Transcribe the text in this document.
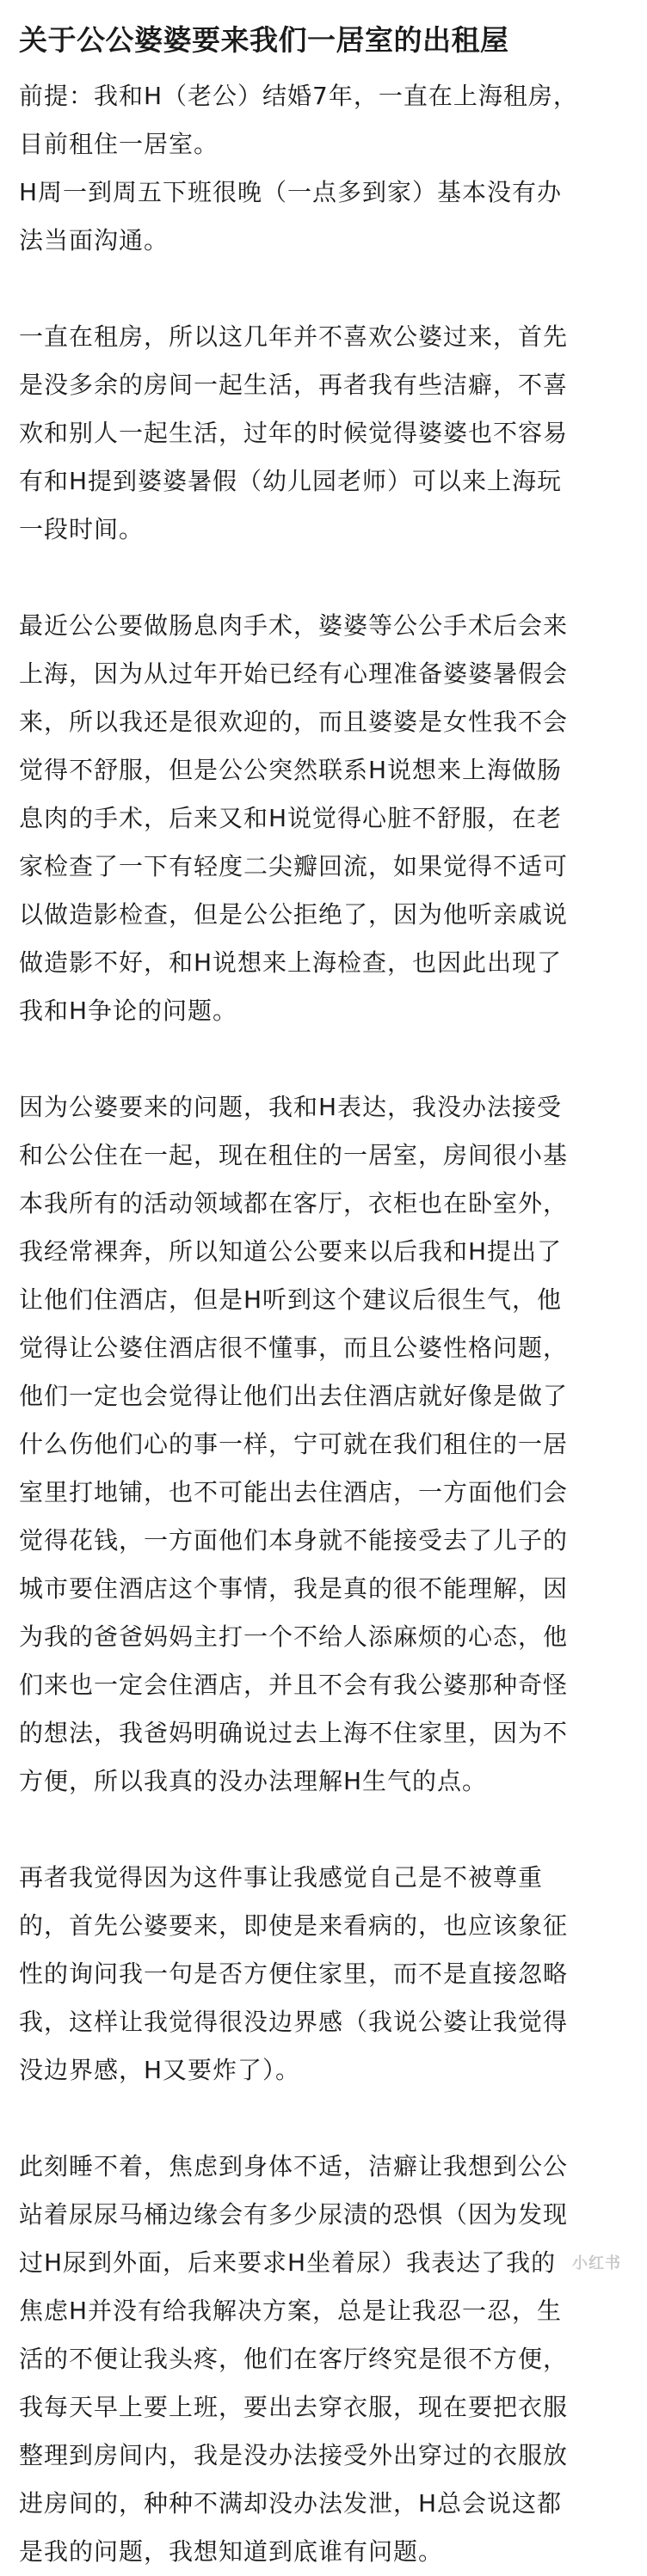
关于公公婆婆要来我们一居室的出租屋

前提：我和H（老公）结婚7年，一直在上海租房，
目前租住一居室。
H周一到周五下班很晚（一点多到家）基本没有办
法当面沟通。

一直在租房，所以这几年并不喜欢公婆过来，首先
是没多余的房间一起生活，再者我有些洁癖，不喜
欢和别人一起生活，过年的时候觉得婆婆也不容易
有和H提到婆婆暑假（幼儿园老师）可以来上海玩
一段时间。

最近公公要做肠息肉手术，婆婆等公公手术后会来
上海，因为从过年开始已经有心理准备婆婆暑假会
来，所以我还是很欢迎的，而且婆婆是女性我不会
觉得不舒服，但是公公突然联系H说想来上海做肠
息肉的手术，后来又和H说觉得心脏不舒服，在老
家检查了一下有轻度二尖瓣回流，如果觉得不适可
以做造影检查，但是公公拒绝了，因为他听亲戚说
做造影不好，和H说想来上海检查，也因此出现了
我和H争论的问题。

因为公婆要来的问题，我和H表达，我没办法接受
和公公住在一起，现在租住的一居室，房间很小基
本我所有的活动领域都在客厅，衣柜也在卧室外，
我经常裸奔，所以知道公公要来以后我和H提出了
让他们住酒店，但是H听到这个建议后很生气，他
觉得让公婆住酒店很不懂事，而且公婆性格问题，
他们一定也会觉得让他们出去住酒店就好像是做了
什么伤他们心的事一样，宁可就在我们租住的一居
室里打地铺，也不可能出去住酒店，一方面他们会
觉得花钱，一方面他们本身就不能接受去了儿子的
城市要住酒店这个事情，我是真的很不能理解，因
为我的爸爸妈妈主打一个不给人添麻烦的心态，他
们来也一定会住酒店，并且不会有我公婆那种奇怪
的想法，我爸妈明确说过去上海不住家里，因为不
方便，所以我真的没办法理解H生气的点。

再者我觉得因为这件事让我感觉自己是不被尊重
的，首先公婆要来，即使是来看病的，也应该象征
性的询问我一句是否方便住家里，而不是直接忽略
我，这样让我觉得很没边界感（我说公婆让我觉得
没边界感，H又要炸了）。

此刻睡不着，焦虑到身体不适，洁癖让我想到公公
站着尿尿马桶边缘会有多少尿渍的恐惧（因为发现
过H尿到外面，后来要求H坐着尿）我表达了我的
焦虑H并没有给我解决方案，总是让我忍一忍，生
活的不便让我头疼，他们在客厅终究是很不方便，
我每天早上要上班，要出去穿衣服，现在要把衣服
整理到房间内，我是没办法接受外出穿过的衣服放
进房间的，种种不满却没办法发泄，H总会说这都
是我的问题，我想知道到底谁有问题。

小红书
